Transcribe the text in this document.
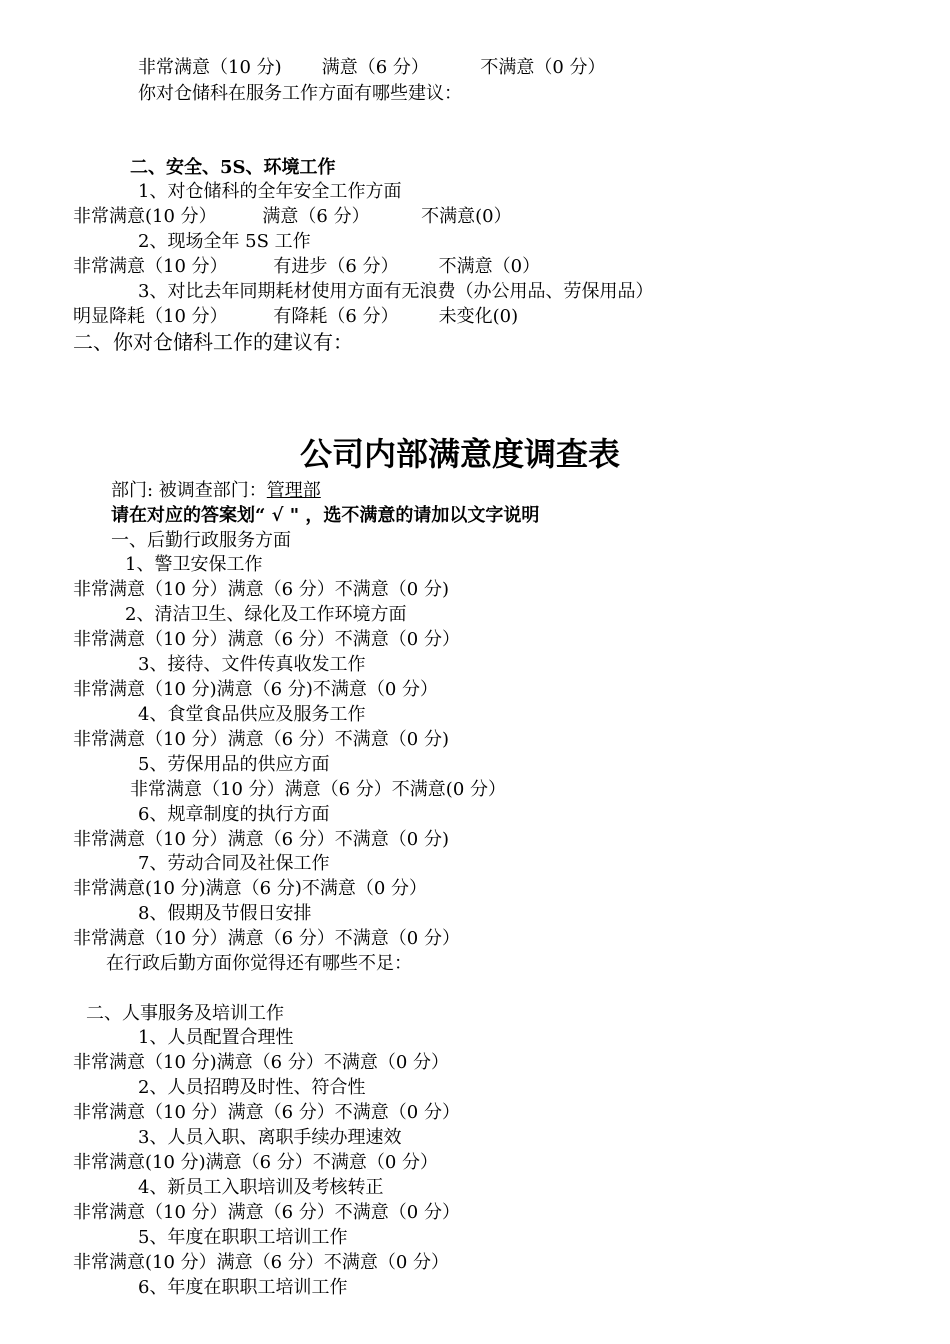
非常满意（10 分)       满意（6 分）         不满意（0 分）
你对仓储科在服务工作方面有哪些建议：
二、安全、5S、环境工作
1、对仓储科的全年安全工作方面
非常满意(10 分）        满意（6 分）         不满意(0）
2、现场全年 5S 工作
非常满意（10 分）        有进步（6 分）       不满意（0）
3、对比去年同期耗材使用方面有无浪费（办公用品、劳保用品）
明显降耗（10 分）        有降耗（6 分）       未变化(0)
二、你对仓储科工作的建议有：
公司内部满意度调查表
部门: 被调查部门：管理部
请在对应的答案划“ √ " ，选不满意的请加以文字说明
一、后勤行政服务方面
1、警卫安保工作
非常满意（10 分）满意（6 分）不满意（0 分)
2、清洁卫生、绿化及工作环境方面
非常满意（10 分）满意（6 分）不满意（0 分）
3、接待、文件传真收发工作
非常满意（10 分)满意（6 分)不满意（0 分）
4、食堂食品供应及服务工作
非常满意（10 分）满意（6 分）不满意（0 分)
5、劳保用品的供应方面
非常满意（10 分）满意（6 分）不满意(0 分）
6、规章制度的执行方面
非常满意（10 分）满意（6 分）不满意（0 分)
7、劳动合同及社保工作
非常满意(10 分)满意（6 分)不满意（0 分）
8、假期及节假日安排
非常满意（10 分）满意（6 分）不满意（0 分）
在行政后勤方面你觉得还有哪些不足：
二、人事服务及培训工作
1、人员配置合理性
非常满意（10 分)满意（6 分）不满意（0 分）
2、人员招聘及时性、符合性
非常满意（10 分）满意（6 分）不满意（0 分）
3、人员入职、离职手续办理速效
非常满意(10 分)满意（6 分）不满意（0 分）
4、新员工入职培训及考核转正
非常满意（10 分）满意（6 分）不满意（0 分）
5、年度在职职工培训工作
非常满意(10 分）满意（6 分）不满意（0 分）
6、年度在职职工培训工作
